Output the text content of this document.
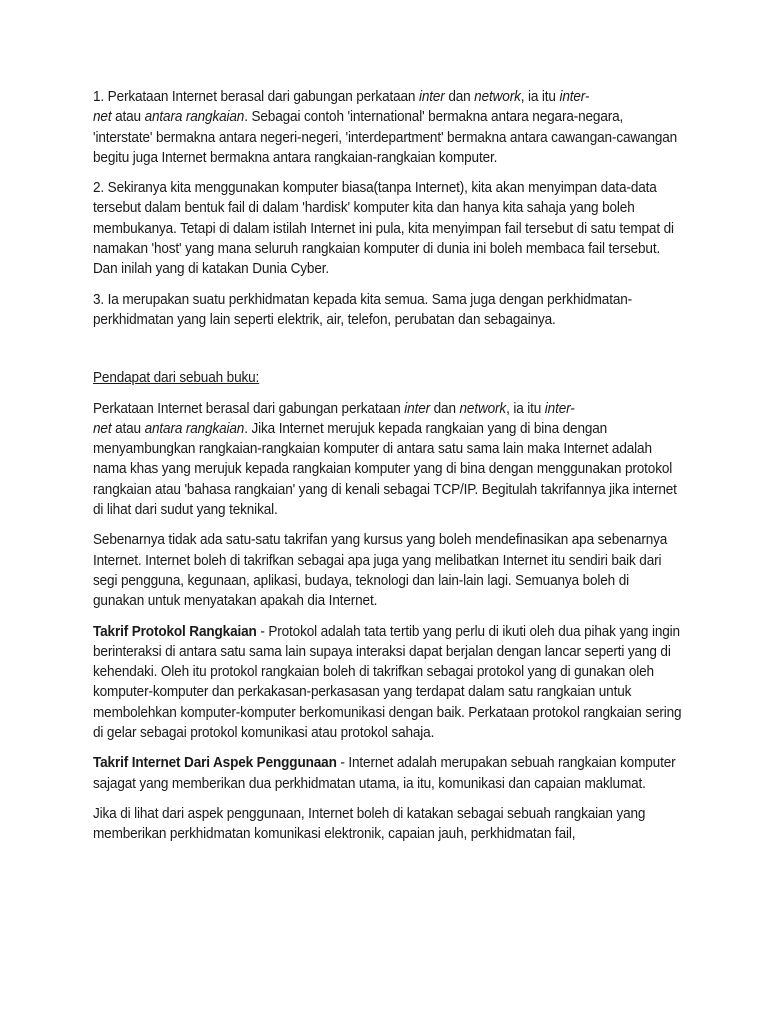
1. Perkataan Internet berasal dari gabungan perkataan inter dan network, ia itu inter-
net atau antara rangkaian. Sebagai contoh 'international' bermakna antara negara-negara, 'interstate' bermakna antara negeri-negeri, 'interdepartment' bermakna antara cawangan-cawangan begitu juga Internet bermakna antara rangkaian-rangkaian komputer.

2. Sekiranya kita menggunakan komputer biasa(tanpa Internet), kita akan menyimpan data-data tersebut dalam bentuk fail di dalam 'hardisk' komputer kita dan hanya kita sahaja yang boleh membukanya. Tetapi di dalam istilah Internet ini pula, kita menyimpan fail tersebut di satu tempat di namakan 'host' yang mana seluruh rangkaian komputer di dunia ini boleh membaca fail tersebut. Dan inilah yang di katakan Dunia Cyber.

3. Ia merupakan suatu perkhidmatan kepada kita semua. Sama juga dengan perkhidmatan-perkhidmatan yang lain seperti elektrik, air, telefon, perubatan dan sebagainya.

Pendapat dari sebuah buku:

Perkataan Internet berasal dari gabungan perkataan inter dan network, ia itu inter-
net atau antara rangkaian. Jika Internet merujuk kepada rangkaian yang di bina dengan menyambungkan rangkaian-rangkaian komputer di antara satu sama lain maka Internet adalah nama khas yang merujuk kepada rangkaian komputer yang di bina dengan menggunakan protokol rangkaian atau 'bahasa rangkaian' yang di kenali sebagai TCP/IP. Begitulah takrifannya jika internet di lihat dari sudut yang teknikal.

Sebenarnya tidak ada satu-satu takrifan yang kursus yang boleh mendefinasikan apa sebenarnya Internet. Internet boleh di takrifkan sebagai apa juga yang melibatkan Internet itu sendiri baik dari segi pengguna, kegunaan, aplikasi, budaya, teknologi dan lain-lain lagi. Semuanya boleh di gunakan untuk menyatakan apakah dia Internet.

Takrif Protokol Rangkaian - Protokol adalah tata tertib yang perlu di ikuti oleh dua pihak yang ingin berinteraksi di antara satu sama lain supaya interaksi dapat berjalan dengan lancar seperti yang di kehendaki. Oleh itu protokol rangkaian boleh di takrifkan sebagai protokol yang di gunakan oleh komputer-komputer dan perkakasan-perkasasan yang terdapat dalam satu rangkaian untuk membolehkan komputer-komputer berkomunikasi dengan baik. Perkataan protokol rangkaian sering di gelar sebagai protokol komunikasi atau protokol sahaja.

Takrif Internet Dari Aspek Penggunaan - Internet adalah merupakan sebuah rangkaian komputer sajagat yang memberikan dua perkhidmatan utama, ia itu, komunikasi dan capaian maklumat.

Jika di lihat dari aspek penggunaan, Internet boleh di katakan sebagai sebuah rangkaian yang memberikan perkhidmatan komunikasi elektronik, capaian jauh, perkhidmatan fail,
